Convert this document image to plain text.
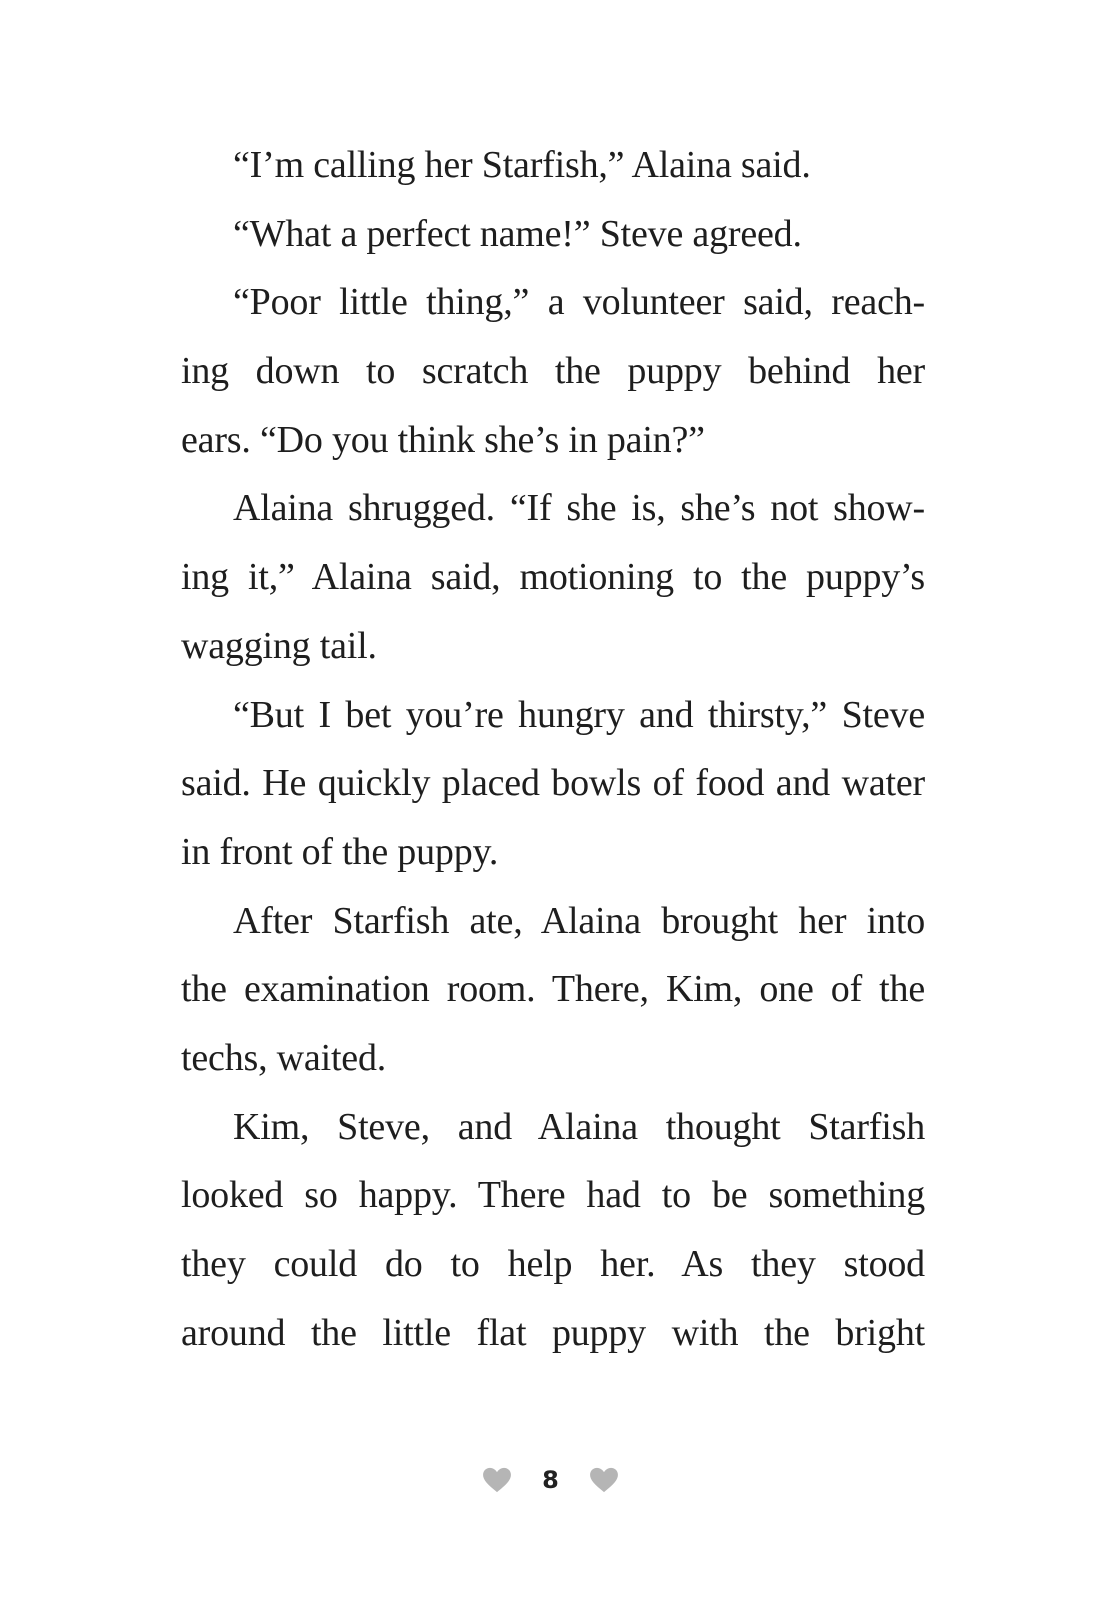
“I’m calling her Starfish,” Alaina said.
“What a perfect name!” Steve agreed.
“Poor little thing,” a volunteer said, reach-
ing down to scratch the puppy behind her
ears. “Do you think she’s in pain?”
Alaina shrugged. “If she is, she’s not show-
ing it,” Alaina said, motioning to the puppy’s
wagging tail.
“But I bet you’re hungry and thirsty,” Steve
said. He quickly placed bowls of food and water
in front of the puppy.
After Starfish ate, Alaina brought her into
the examination room. There, Kim, one of the
techs, waited.
Kim, Steve, and Alaina thought Starfish
looked so happy. There had to be something
they could do to help her. As they stood
around the little flat puppy with the bright
8
